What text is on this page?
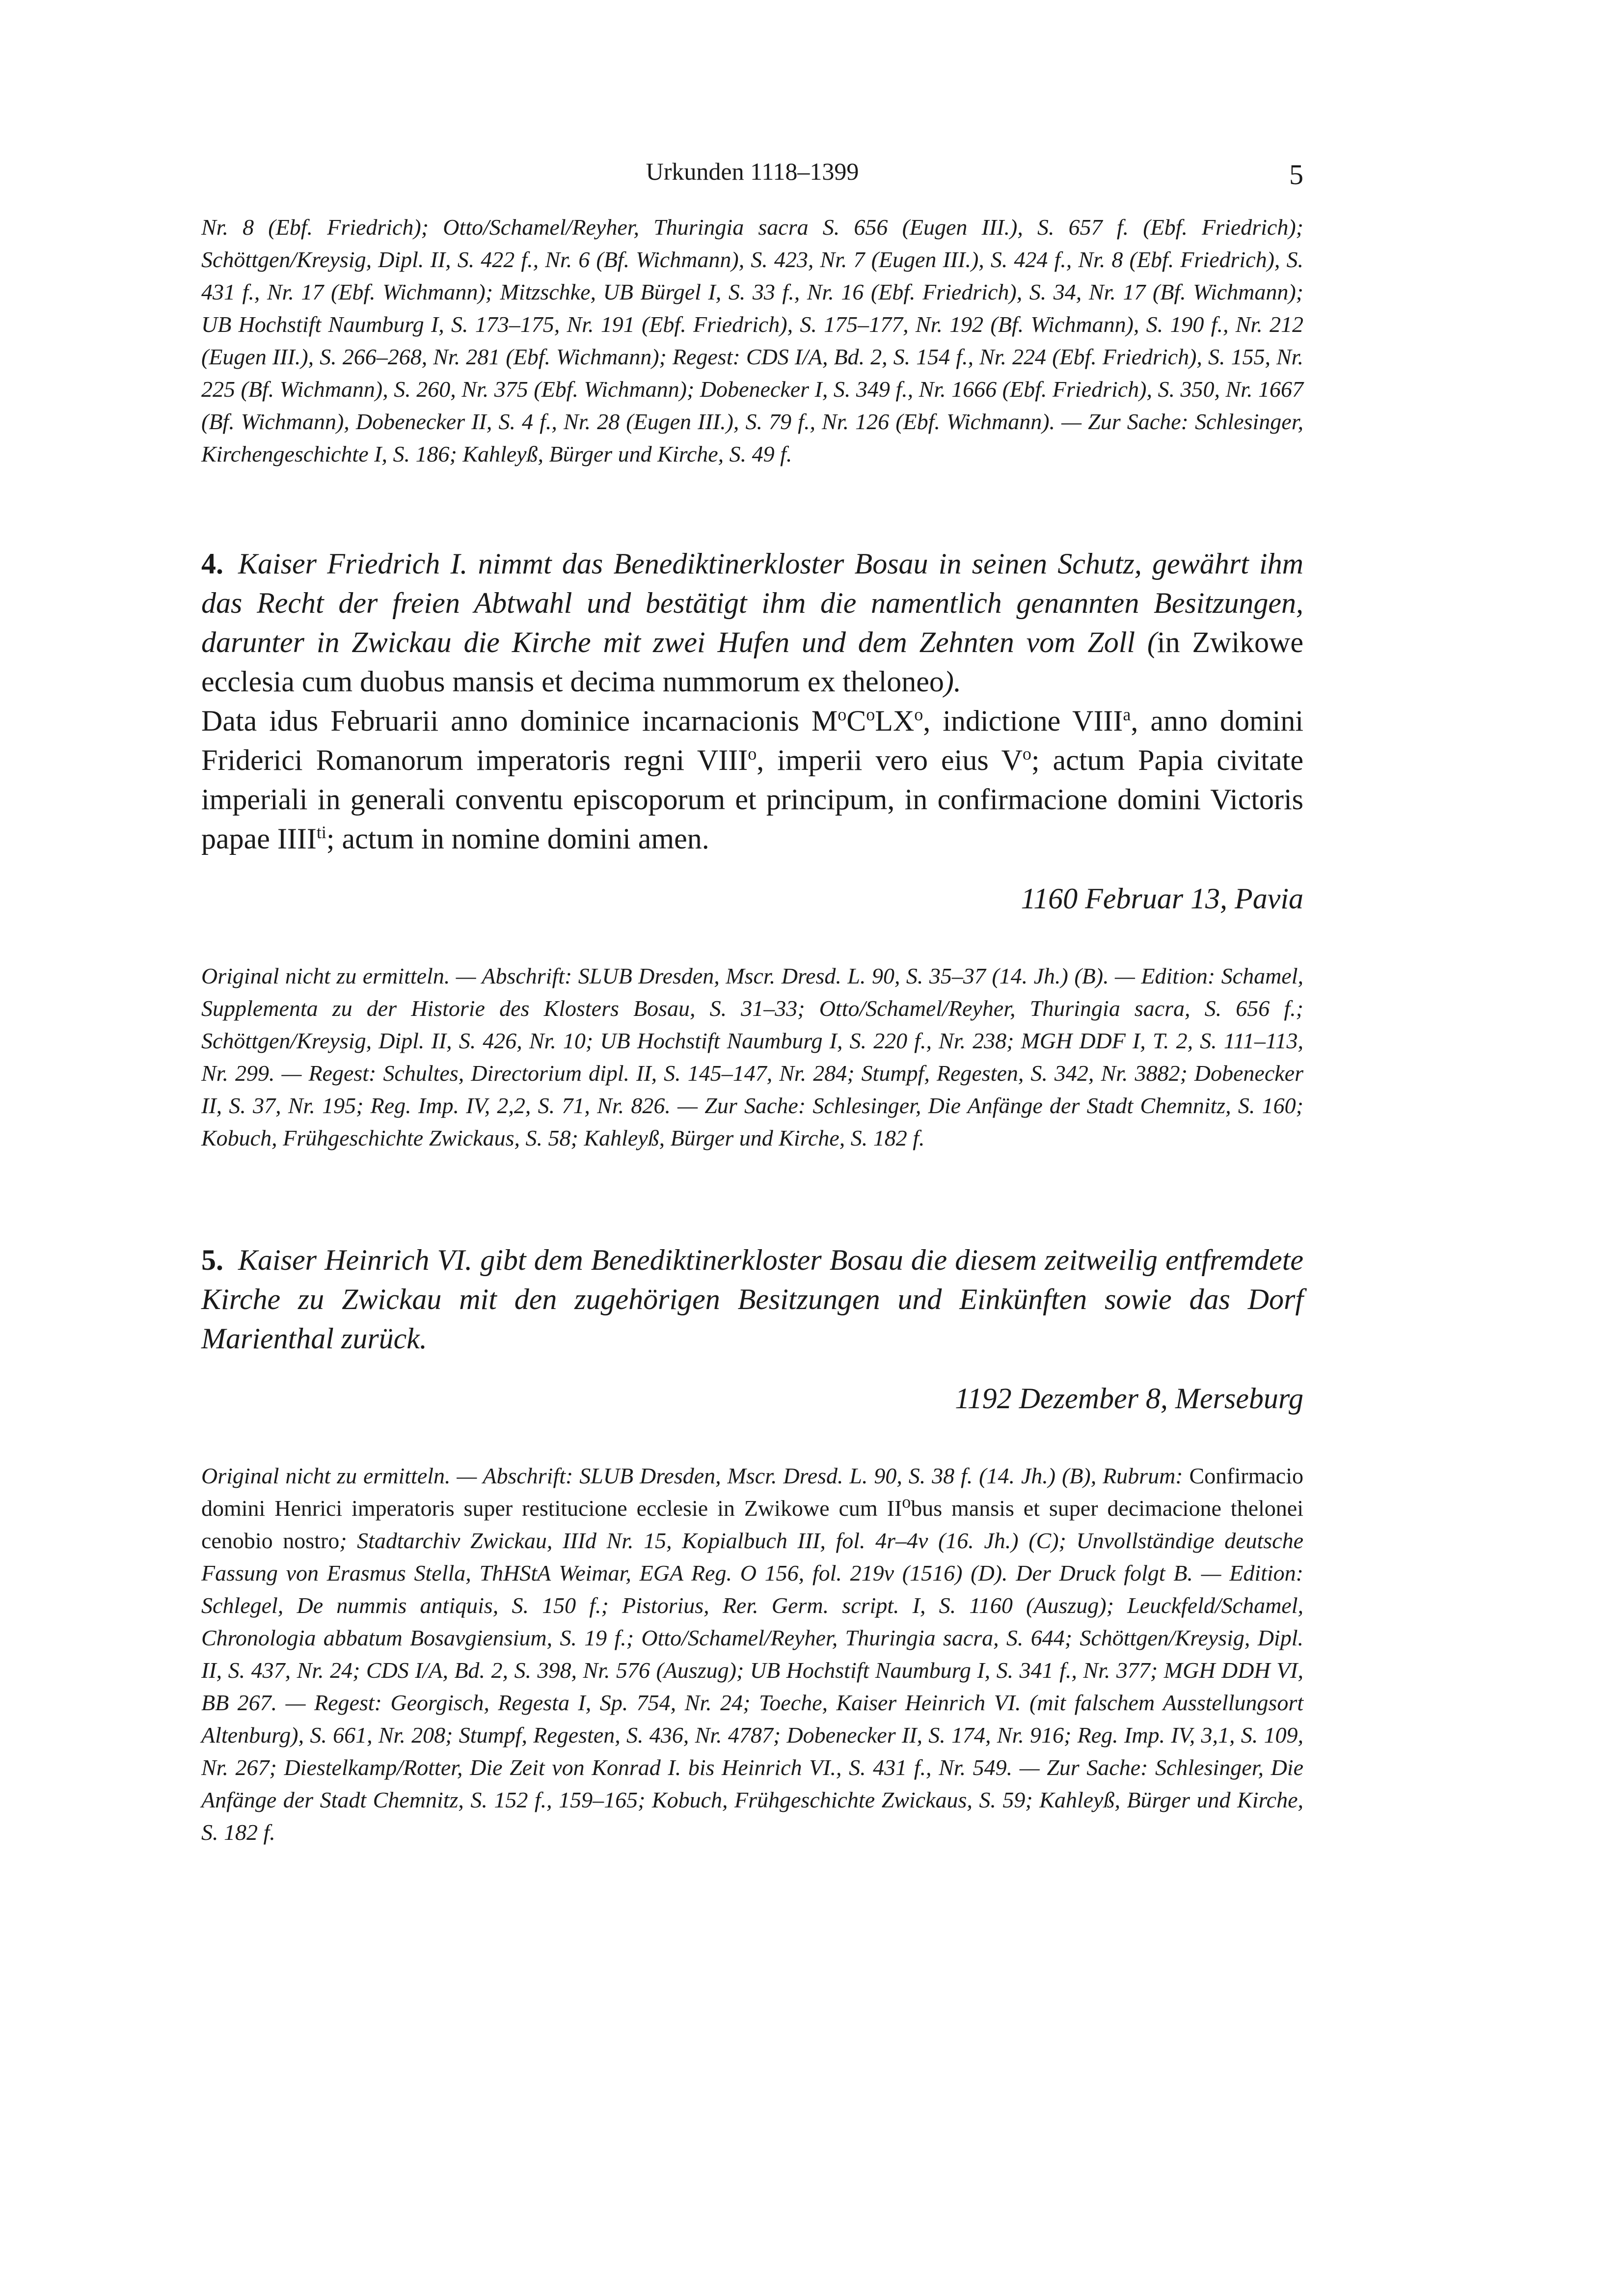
Urkunden 1118–1399	5

Nr. 8 (Ebf. Friedrich); Otto/Schamel/Reyher, Thuringia sacra S. 656 (Eugen III.), S. 657 f. (Ebf. Friedrich); Schöttgen/Kreysig, Dipl. II, S. 422 f., Nr. 6 (Bf. Wichmann), S. 423, Nr. 7 (Eugen III.), S. 424 f., Nr. 8 (Ebf. Friedrich), S. 431 f., Nr. 17 (Ebf. Wichmann); Mitzschke, UB Bürgel I, S. 33 f., Nr. 16 (Ebf. Friedrich), S. 34, Nr. 17 (Bf. Wichmann); UB Hochstift Naumburg I, S. 173–175, Nr. 191 (Ebf. Friedrich), S. 175–177, Nr. 192 (Bf. Wichmann), S. 190 f., Nr. 212 (Eugen III.), S. 266–268, Nr. 281 (Ebf. Wichmann); Regest: CDS I/A, Bd. 2, S. 154 f., Nr. 224 (Ebf. Friedrich), S. 155, Nr. 225 (Bf. Wichmann), S. 260, Nr. 375 (Ebf. Wichmann); Dobenecker I, S. 349 f., Nr. 1666 (Ebf. Friedrich), S. 350, Nr. 1667 (Bf. Wichmann), Dobenecker II, S. 4 f., Nr. 28 (Eugen III.), S. 79 f., Nr. 126 (Ebf. Wichmann). — Zur Sache: Schlesinger, Kirchengeschichte I, S. 186; Kahleyß, Bürger und Kirche, S. 49 f.

4. Kaiser Friedrich I. nimmt das Benediktinerkloster Bosau in seinen Schutz, gewährt ihm das Recht der freien Abtwahl und bestätigt ihm die namentlich genannten Besitzungen, darunter in Zwickau die Kirche mit zwei Hufen und dem Zehnten vom Zoll (in Zwikowe ecclesia cum duobus mansis et decima nummorum ex theloneo).

Data idus Februarii anno dominice incarnacionis $M^oC^oLX^o$, indictione VIII$^a$, anno domini Friderici Romanorum imperatoris regni VIII$^o$, imperii vero eius $V^o$; actum Papia civitate imperiali in generali conventu episcoporum et principum, in confirmacione domini Victoris papae $IIII^{ti}$; actum in nomine domini amen.

1160 Februar 13, Pavia

Original nicht zu ermitteln. — Abschrift: SLUB Dresden, Mscr. Dresd. L. 90, S. 35–37 (14. Jh.) (B). — Edition: Schamel, Supplementa zu der Historie des Klosters Bosau, S. 31–33; Otto/Schamel/Reyher, Thuringia sacra, S. 656 f.; Schöttgen/Kreysig, Dipl. II, S. 426, Nr. 10; UB Hochstift Naumburg I, S. 220 f., Nr. 238; MGH DDF I, T. 2, S. 111–113, Nr. 299. — Regest: Schultes, Directorium dipl. II, S. 145–147, Nr. 284; Stumpf, Regesten, S. 342, Nr. 3882; Dobenecker II, S. 37, Nr. 195; Reg. Imp. IV, 2,2, S. 71, Nr. 826. — Zur Sache: Schlesinger, Die Anfänge der Stadt Chemnitz, S. 160; Kobuch, Frühgeschichte Zwickaus, S. 58; Kahleyß, Bürger und Kirche, S. 182 f.

5. Kaiser Heinrich VI. gibt dem Benediktinerkloster Bosau die diesem zeitweilig entfremdete Kirche zu Zwickau mit den zugehörigen Besitzungen und Einkünften sowie das Dorf Marienthal zurück.

1192 Dezember 8, Merseburg

Original nicht zu ermitteln. — Abschrift: SLUB Dresden, Mscr. Dresd. L. 90, S. 38 f. (14. Jh.) (B), Rubrum: Confirmacio domini Henrici imperatoris super restitucione ecclesie in Zwikowe cum $II^obus$ mansis et super decimacione thelonei cenobio nostro; Stadtarchiv Zwickau, IIId Nr. 15, Kopialbuch III, fol. 4r–4v (16. Jh.) (C); Unvollständige deutsche Fassung von Erasmus Stella, ThHStA Weimar, EGA Reg. O 156, fol. 219v (1516) (D). Der Druck folgt B. — Edition: Schlegel, De nummis antiquis, S. 150 f.; Pistorius, Rer. Germ. script. I, S. 1160 (Auszug); Leuckfeld/Schamel, Chronologia abbatum Bosavgiensium, S. 19 f.; Otto/Schamel/Reyher, Thuringia sacra, S. 644; Schöttgen/Kreysig, Dipl. II, S. 437, Nr. 24; CDS I/A, Bd. 2, S. 398, Nr. 576 (Auszug); UB Hochstift Naumburg I, S. 341 f., Nr. 377; MGH DDH VI, BB 267. — Regest: Georgisch, Regesta I, Sp. 754, Nr. 24; Toeche, Kaiser Heinrich VI. (mit falschem Ausstellungsort Altenburg), S. 661, Nr. 208; Stumpf, Regesten, S. 436, Nr. 4787; Dobenecker II, S. 174, Nr. 916; Reg. Imp. IV, 3,1, S. 109, Nr. 267; Diestelkamp/Rotter, Die Zeit von Konrad I. bis Heinrich VI., S. 431 f., Nr. 549. — Zur Sache: Schlesinger, Die Anfänge der Stadt Chemnitz, S. 152 f., 159–165; Kobuch, Frühgeschichte Zwickaus, S. 59; Kahleyß, Bürger und Kirche, S. 182 f.
